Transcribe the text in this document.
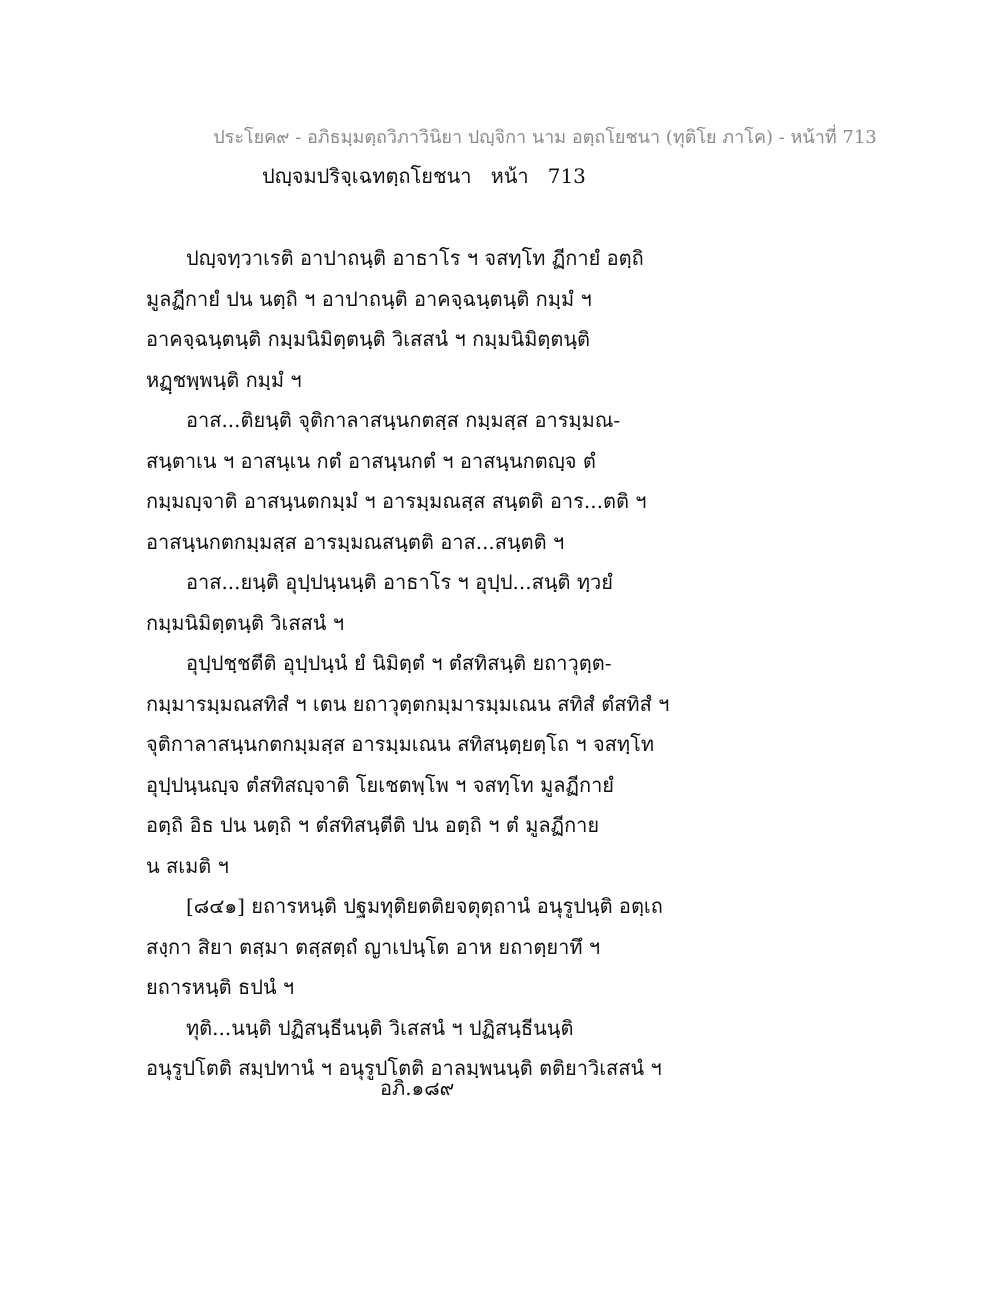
ประโยค๙ - อภิธมฺมตฺถวิภาวินิยา ปญฺจิกา นาม อตฺถโยชนา (ทุติโย ภาโค) - หน้าที่ 713
ปญฺจมปริจฺเฉทตฺถโยชนา หน้า 713
ปญฺจทฺวาเรติ อาปาถนฺติ อาธาโร ฯ จสทฺโท ฏีกายํ อตฺถิ
มูลฏีกายํ ปน นตฺถิ ฯ อาปาถนฺติ อาคจฺฉนฺตนฺติ กมฺมํ ฯ
อาคจฺฉนฺตนฺติ กมฺมนิมิตฺตนฺติ วิเสสนํ ฯ กมฺมนิมิตฺตนฺติ
หฏฺชพฺพนฺติ กมฺมํ ฯ
อาส...ติยนฺติ จุติกาลาสนฺนกตสฺส กมฺมสฺส อารมฺมณ-
สนฺตาเน ฯ อาสนฺเน กตํ อาสนฺนกตํ ฯ อาสนฺนกตญฺจ ตํ
กมฺมญฺจาติ อาสนฺนตกมฺมํ ฯ อารมฺมณสฺส สนฺตติ อาร...ตติ ฯ
อาสนฺนกตกมฺมสฺส อารมฺมณสนฺตติ อาส...สนฺตติ ฯ
อาส...ยนฺติ อุปฺปนฺนนฺติ อาธาโร ฯ อุปฺป...สนฺติ ทฺวยํ
กมฺมนิมิตฺตนฺติ วิเสสนํ ฯ
อุปฺปชฺชตีติ อุปฺปนฺนํ ยํ นิมิตฺตํ ฯ ตํสทิสนฺติ ยถาวุตฺต-
กมฺมารมฺมณสทิสํ ฯ เตน ยถาวุตฺตกมฺมารมฺมเณน สทิสํ ตํสทิสํ ฯ
จุติกาลาสนฺนกตกมฺมสฺส อารมฺมเณน สทิสนฺตฺยตฺโถ ฯ จสทฺโท
อุปฺปนฺนญฺจ ตํสทิสญฺจาติ โยเชตพฺโพ ฯ จสทฺโท มูลฏีกายํ
อตฺถิ อิธ ปน นตฺถิ ฯ ตํสทิสนฺตีติ ปน อตฺถิ ฯ ตํ มูลฏีกาย
น สเมติ ฯ
[๘๔๑] ยถารหนฺติ ปฐมทุติยตติยจตุตฺถานํ อนุรูปนฺติ อตฺเถ
สงฺกา สิยา ตสฺมา ตสฺสตฺถํ ญาเปนฺโต อาห ยถาตฺยาทึ ฯ
ยถารหนฺติ ธปนํ ฯ
ทุติ...นนฺติ ปฏิสนฺธีนนฺติ วิเสสนํ ฯ ปฏิสนฺธีนนฺติ
อนุรูปโตติ สมฺปทานํ ฯ อนุรูปโตติ อาลมฺพนนฺติ ตติยาวิเสสนํ ฯ
อภิ.๑๘๙
